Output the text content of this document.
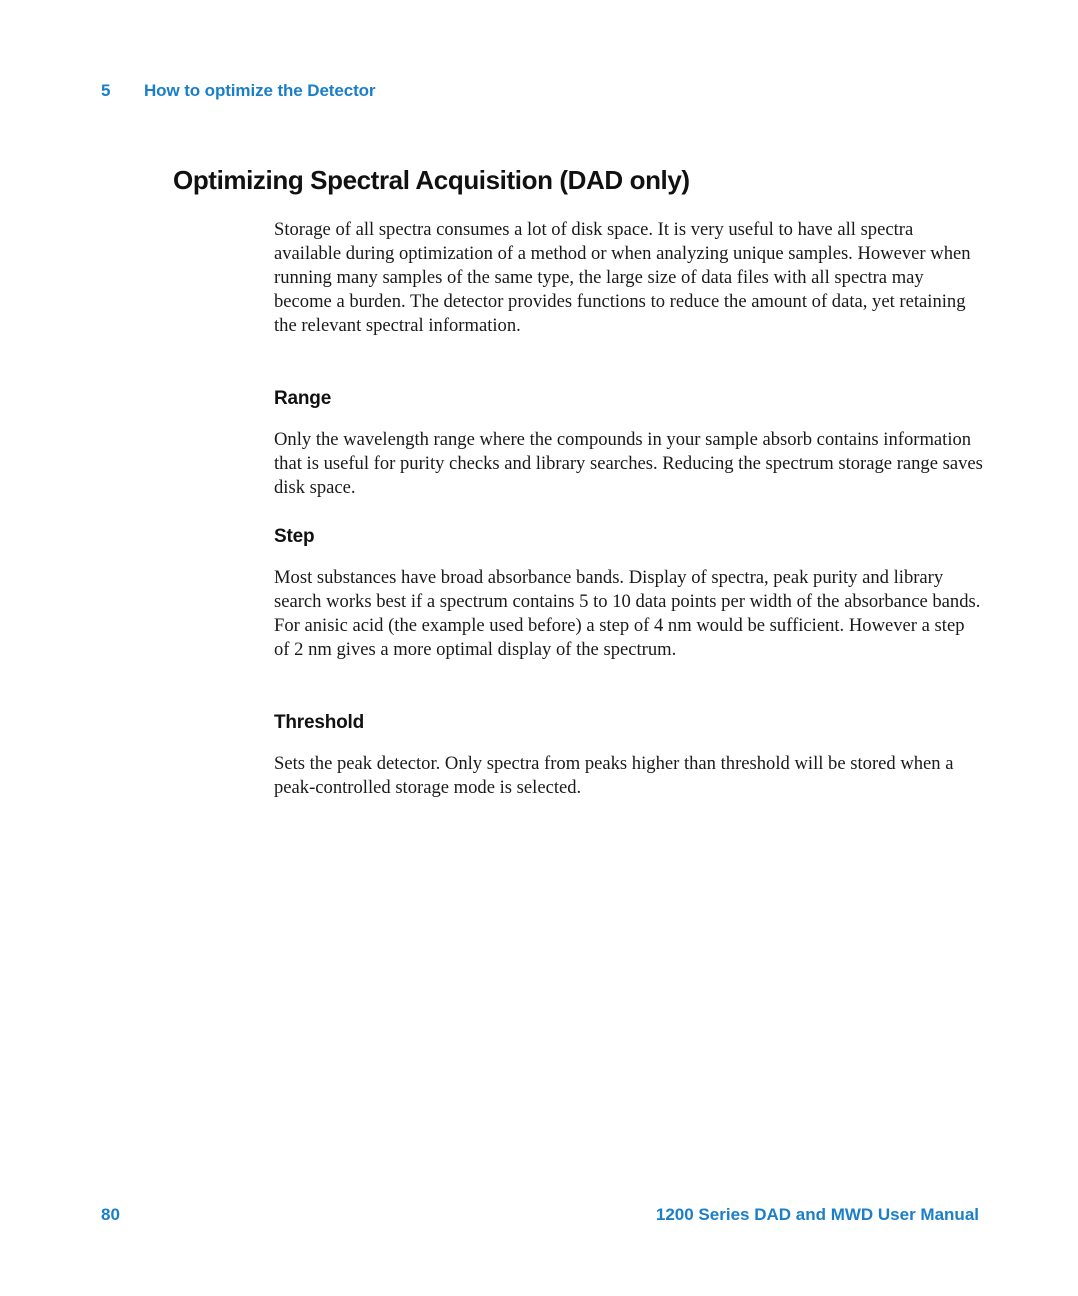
5 How to optimize the Detector
Optimizing Spectral Acquisition (DAD only)

Storage of all spectra consumes a lot of disk space. It is very useful to have all spectra available during optimization of a method or when analyzing unique samples. However when running many samples of the same type, the large size of data files with all spectra may become a burden. The detector provides functions to reduce the amount of data, yet retaining the relevant spectral information.

Range

Only the wavelength range where the compounds in your sample absorb contains information that is useful for purity checks and library searches. Reducing the spectrum storage range saves disk space.

Step

Most substances have broad absorbance bands. Display of spectra, peak purity and library search works best if a spectrum contains 5 to 10 data points per width of the absorbance bands. For anisic acid (the example used before) a step of 4 nm would be sufficient. However a step of 2 nm gives a more optimal display of the spectrum.

Threshold

Sets the peak detector. Only spectra from peaks higher than threshold will be stored when a peak-controlled storage mode is selected.

80	1200 Series DAD and MWD User Manual
